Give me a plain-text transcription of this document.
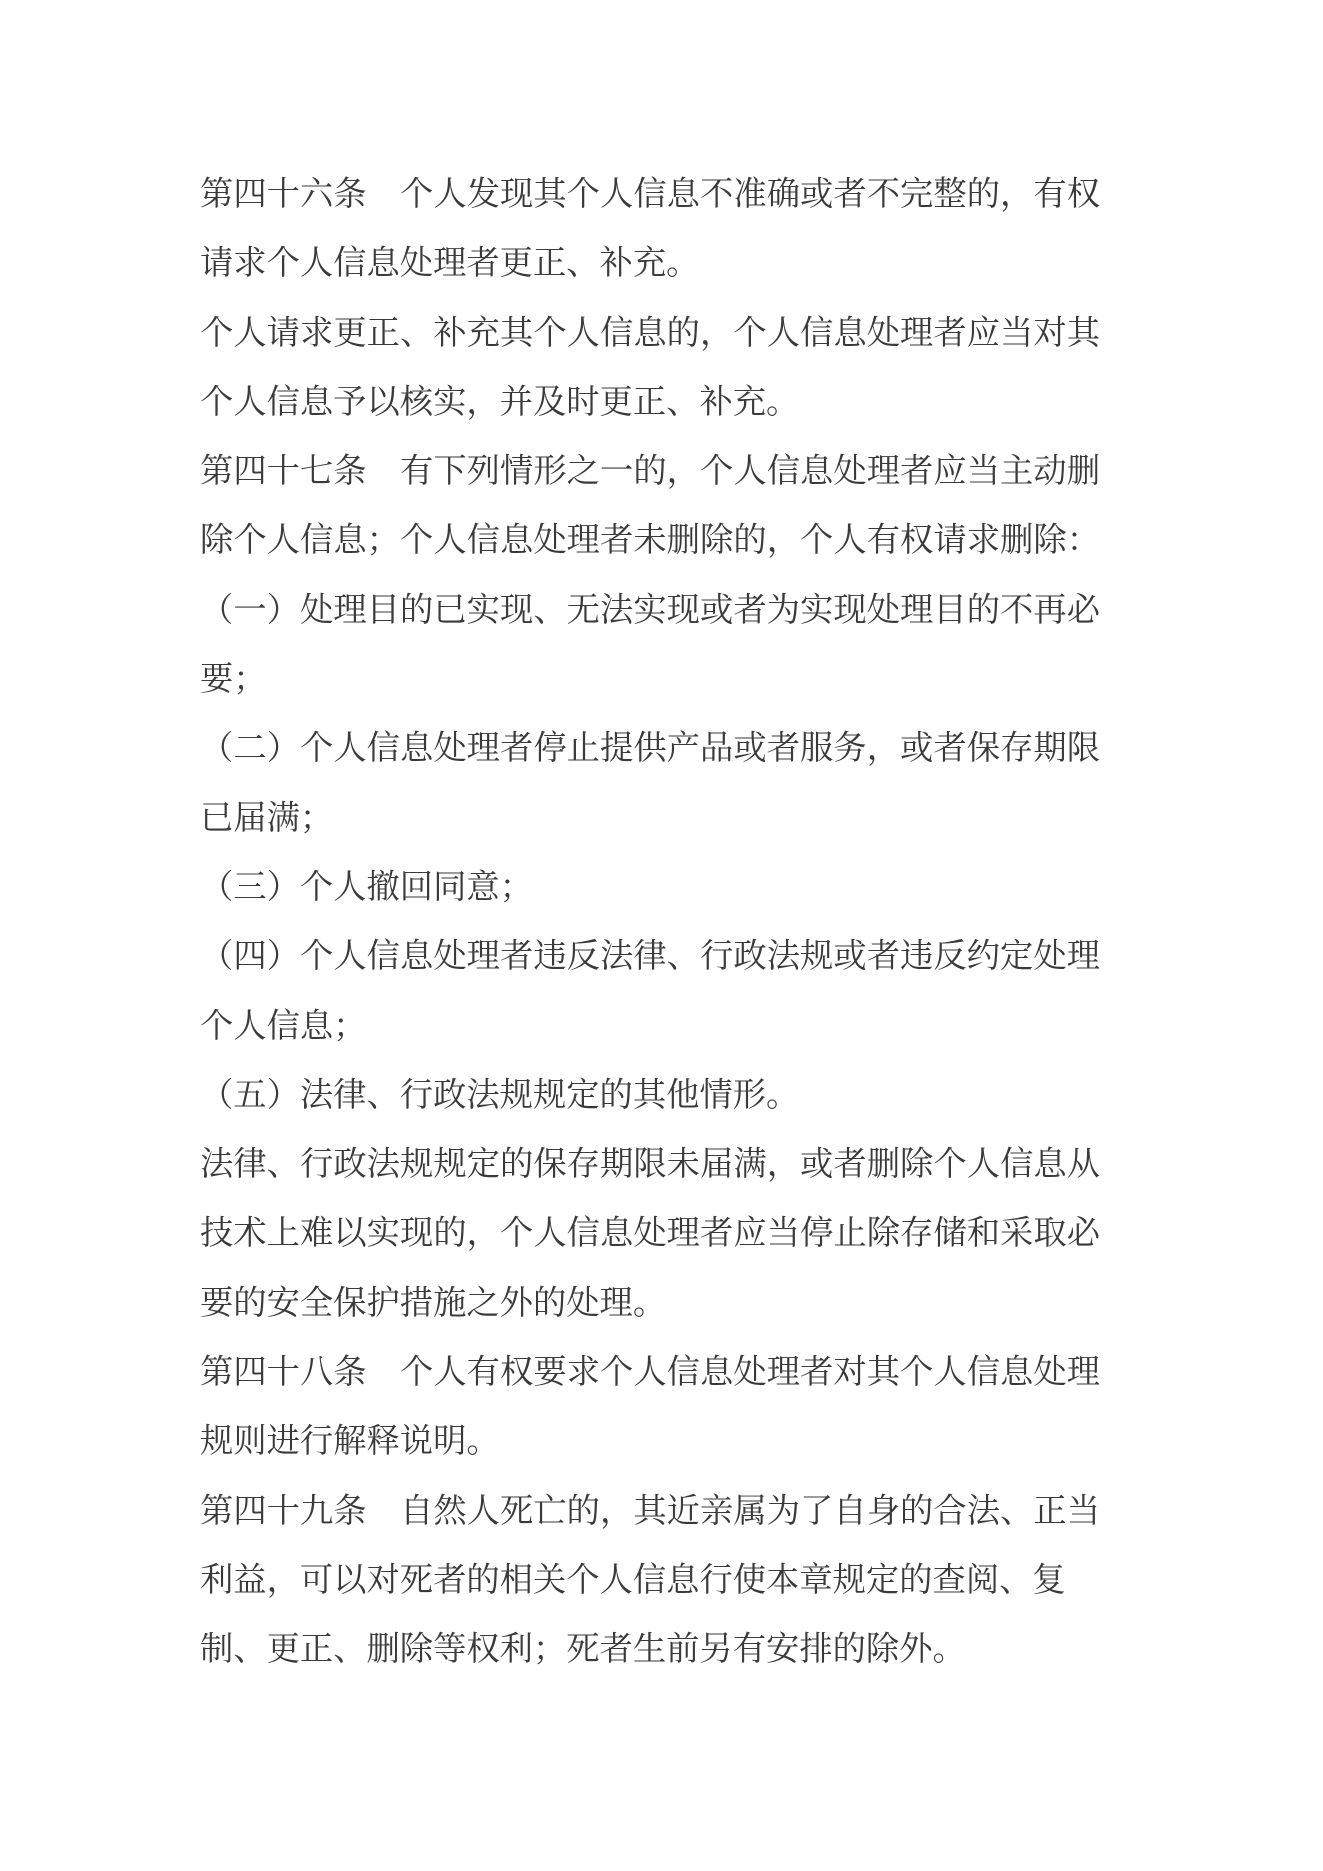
第四十六条　个人发现其个人信息不准确或者不完整的，有权
请求个人信息处理者更正、补充。
个人请求更正、补充其个人信息的，个人信息处理者应当对其
个人信息予以核实，并及时更正、补充。
第四十七条　有下列情形之一的，个人信息处理者应当主动删
除个人信息；个人信息处理者未删除的，个人有权请求删除：
（一）处理目的已实现、无法实现或者为实现处理目的不再必
要；
（二）个人信息处理者停止提供产品或者服务，或者保存期限
已届满；
（三）个人撤回同意；
（四）个人信息处理者违反法律、行政法规或者违反约定处理
个人信息；
（五）法律、行政法规规定的其他情形。
法律、行政法规规定的保存期限未届满，或者删除个人信息从
技术上难以实现的，个人信息处理者应当停止除存储和采取必
要的安全保护措施之外的处理。
第四十八条　个人有权要求个人信息处理者对其个人信息处理
规则进行解释说明。
第四十九条　自然人死亡的，其近亲属为了自身的合法、正当
利益，可以对死者的相关个人信息行使本章规定的查阅、复
制、更正、删除等权利；死者生前另有安排的除外。
